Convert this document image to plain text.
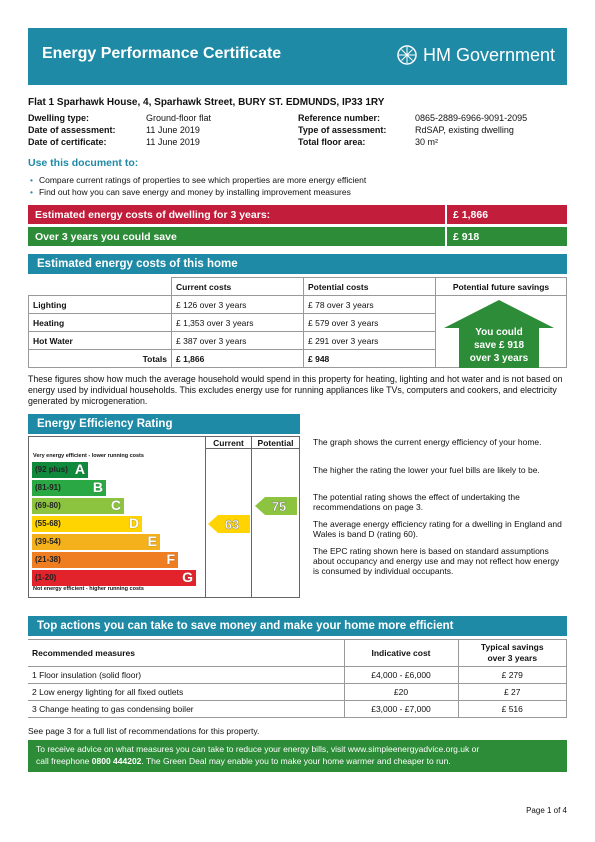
Energy Performance Certificate	HM Government
Flat 1 Sparhawk House, 4, Sparhawk Street, BURY ST. EDMUNDS, IP33 1RY
Dwelling type:	Ground-floor flat
Date of assessment:	11 June 2019
Date of certificate:	11 June 2019
Reference number:	0865-2889-6966-9091-2095
Type of assessment:	RdSAP, existing dwelling
Total floor area:	30 m²
Use this document to:
• Compare current ratings of properties to see which properties are more energy efficient
• Find out how you can save energy and money by installing improvement measures
Estimated energy costs of dwelling for 3 years:	£ 1,866
Over 3 years you could save	£ 918
Estimated energy costs of this home
	Current costs	Potential costs	Potential future savings
Lighting	£ 126 over 3 years	£ 78 over 3 years	You could
save £ 918
over 3 years

Heating	£ 1,353 over 3 years	£ 579 over 3 years	
Hot Water	£ 387 over 3 years	£ 291 over 3 years	
Totals	£ 1,866	£ 948	
These figures show how much the average household would spend in this property for heating, lighting and hot water and is not based on energy used by individual households. This excludes energy use for running appliances like TVs, computers and cookers, and electricity generated by microgeneration.
Energy Efficiency Rating
Current	Potential
Very energy efficient - lower running costs
Not energy efficient - higher running costs
(92 plus) A
(81-91) B
(69-80)	C
(55-68)	D
(39-54)	E
(21-38)	F
(1-20)	G
63
75
The graph shows the current energy efficiency of your home.
The higher the rating the lower your fuel bills are likely to be.
The potential rating shows the effect of undertaking the recommendations on page 3.
The average energy efficiency rating for a dwelling in England and Wales is band D (rating 60).
The EPC rating shown here is based on standard assumptions about occupancy and energy use and may not reflect how energy is consumed by individual occupants.
Top actions you can take to save money and make your home more efficient
Recommended measures	Indicative cost	Typical savings
over 3 years

1 Floor insulation (solid floor)	£4,000 - £6,000	£ 279
2 Low energy lighting for all fixed outlets	£20	£ 27
3 Change heating to gas condensing boiler	£3,000 - £7,000	£ 516
See page 3 for a full list of recommendations for this property.
To receive advice on what measures you can take to reduce your energy bills, visit www.simpleenergyadvice.org.uk or
call freephone 0800 444202. The Green Deal may enable you to make your home warmer and cheaper to run.
Page 1 of 4
